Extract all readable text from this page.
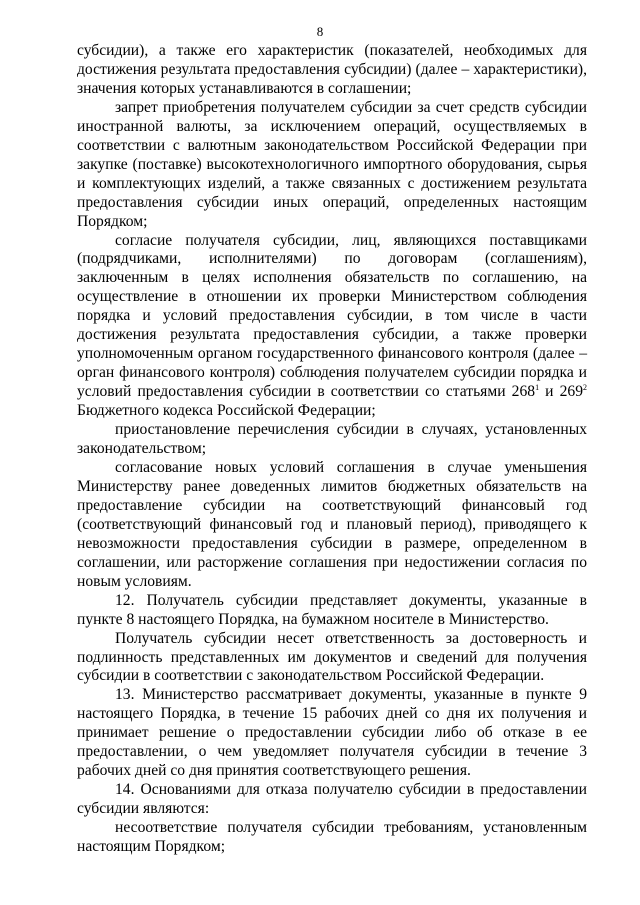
8

субсидии), а также его характеристик (показателей, необходимых для достижения результата предоставления субсидии) (далее – характеристики), значения которых устанавливаются в соглашении;

запрет приобретения получателем субсидии за счет средств субсидии иностранной валюты, за исключением операций, осуществляемых в соответствии с валютным законодательством Российской Федерации при закупке (поставке) высокотехнологичного импортного оборудования, сырья и комплектующих изделий, а также связанных с достижением результата предоставления субсидии иных операций, определенных настоящим Порядком;

согласие получателя субсидии, лиц, являющихся поставщиками (подрядчиками, исполнителями) по договорам (соглашениям), заключенным в целях исполнения обязательств по соглашению, на осуществление в отношении их проверки Министерством соблюдения порядка и условий предоставления субсидии, в том числе в части достижения результата предоставления субсидии, а также проверки уполномоченным органом государственного финансового контроля (далее – орган финансового контроля) соблюдения получателем субсидии порядка и условий предоставления субсидии в соответствии со статьями $268^1$ и $269^2$ Бюджетного кодекса Российской Федерации;

приостановление перечисления субсидии в случаях, установленных законодательством;

согласование новых условий соглашения в случае уменьшения Министерству ранее доведенных лимитов бюджетных обязательств на предоставление субсидии на соответствующий финансовый год (соответствующий финансовый год и плановый период), приводящего к невозможности предоставления субсидии в размере, определенном в соглашении, или расторжение соглашения при недостижении согласия по новым условиям.

12. Получатель субсидии представляет документы, указанные в пункте 8 настоящего Порядка, на бумажном носителе в Министерство.

Получатель субсидии несет ответственность за достоверность и подлинность представленных им документов и сведений для получения субсидии в соответствии с законодательством Российской Федерации.

13. Министерство рассматривает документы, указанные в пункте 9 настоящего Порядка, в течение 15 рабочих дней со дня их получения и принимает решение о предоставлении субсидии либо об отказе в ее предоставлении, о чем уведомляет получателя субсидии в течение 3 рабочих дней со дня принятия соответствующего решения.

14. Основаниями для отказа получателю субсидии в предоставлении субсидии являются:

несоответствие получателя субсидии требованиям, установленным настоящим Порядком;
